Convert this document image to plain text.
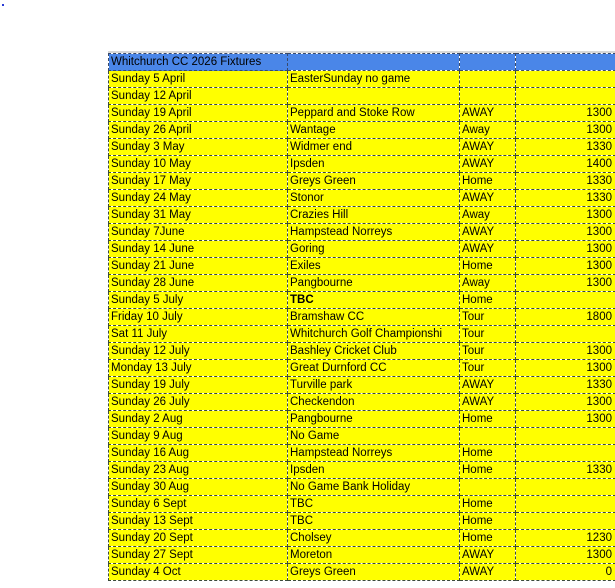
Whitchurch CC 2026 Fixtures			
Sunday 5 April	EasterSunday no game		
Sunday 12 April			
Sunday 19 April	Peppard and Stoke Row	AWAY	1300
Sunday 26 April	Wantage	Away	1300
Sunday 3 May	Widmer end	AWAY	1330
Sunday 10 May	Ipsden	AWAY	1400
Sunday 17 May	Greys Green	Home	1330
Sunday 24 May	Stonor	AWAY	1330
Sunday 31 May	Crazies Hill	Away	1300
Sunday 7June	Hampstead Norreys	AWAY	1300
Sunday 14 June	Goring	AWAY	1300
Sunday 21 June	Exiles	Home	1300
Sunday 28 June	Pangbourne	Away	1300
Sunday 5 July	TBC	Home	
Friday 10 July	Bramshaw CC	Tour	1800
Sat 11 July	Whitchurch Golf Championshi	Tour	
Sunday 12 July	Bashley Cricket Club	Tour	1300
Monday 13 July	Great Durnford CC	Tour	1300
Sunday 19 July	Turville park	AWAY	1330
Sunday 26 July	Checkendon	AWAY	1300
Sunday 2 Aug	Pangbourne	Home	1300
Sunday 9 Aug	No Game		
Sunday 16 Aug	Hampstead Norreys	Home	
Sunday 23 Aug	Ipsden	Home	1330
Sunday 30 Aug	No Game Bank Holiday		
Sunday 6 Sept	TBC	Home	
Sunday 13 Sept	TBC	Home	
Sunday 20 Sept	Cholsey	Home	1230
Sunday 27 Sept	Moreton	AWAY	1300
Sunday 4 Oct	Greys Green	AWAY	0
